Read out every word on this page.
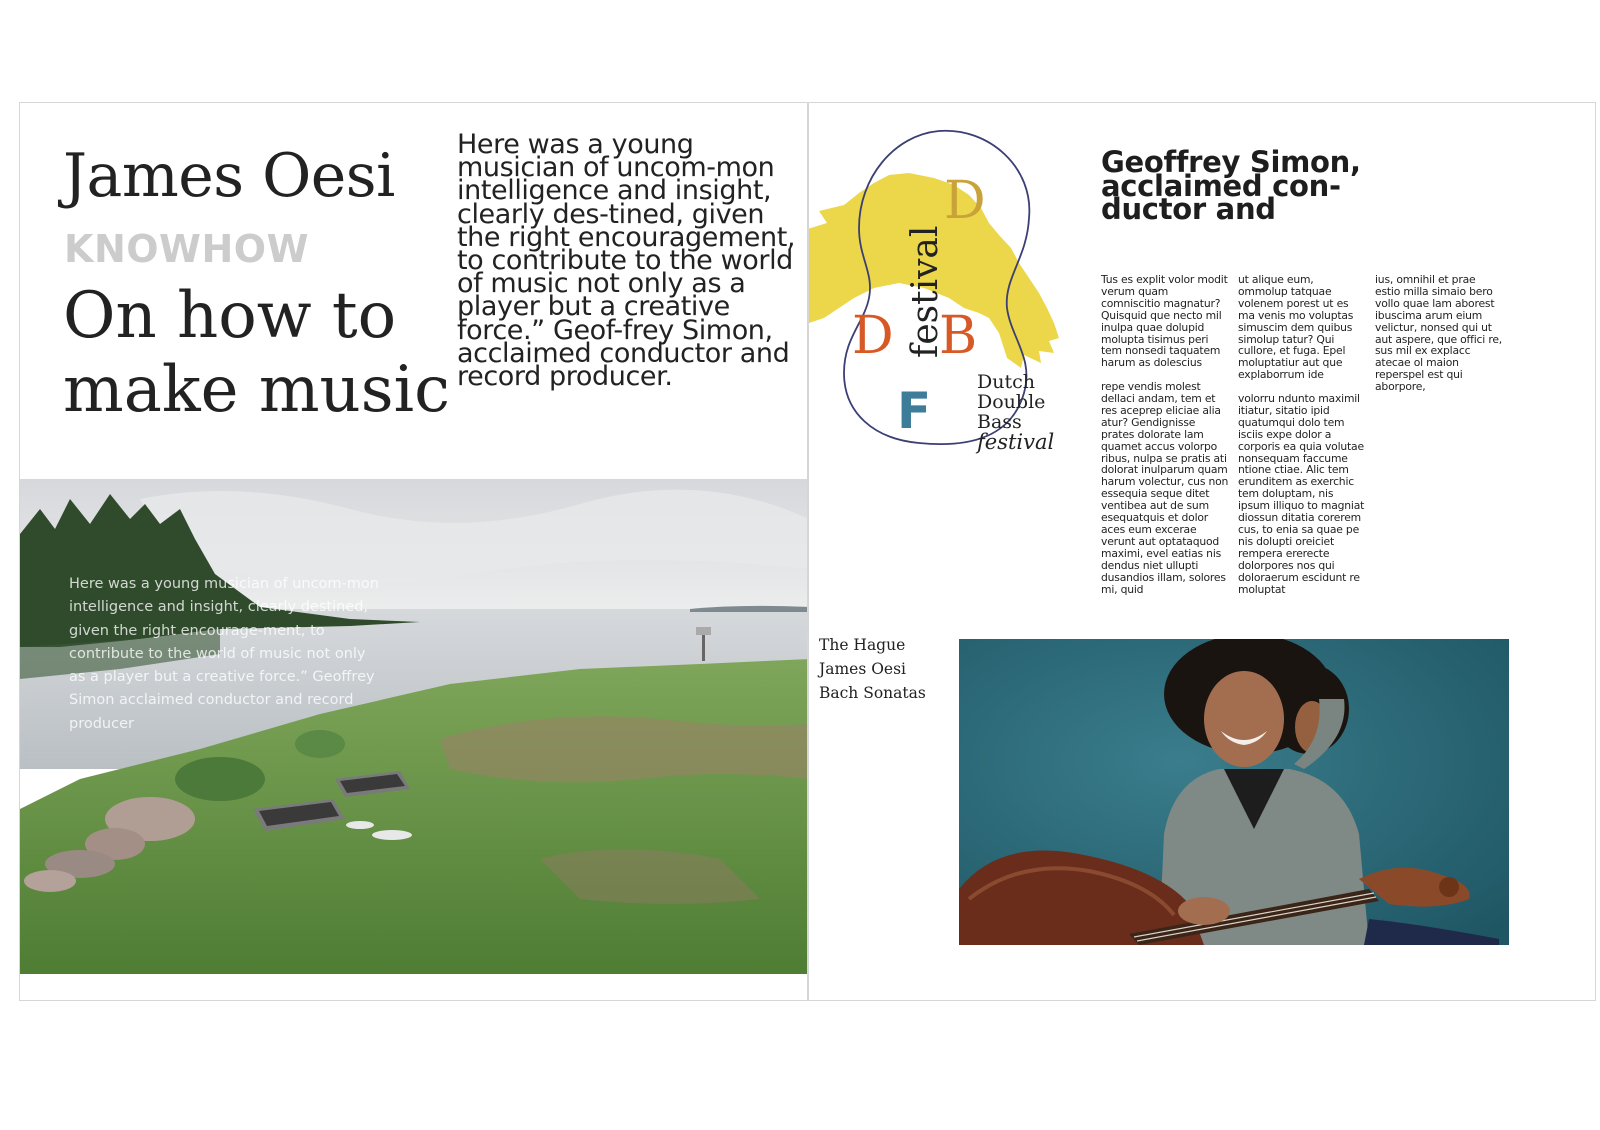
James Oesi
KNOWHOW
On how to make music

Here was a young musician of uncom-mon intelligence and insight, clearly des-tined, given the right encouragement, to contribute to the world of music not only as a player but a creative force.” Geof-frey Simon, acclaimed conductor and record producer.

Here was a young musician of uncom-mon intelligence and insight, clearly destined, given the right encourage-ment, to contribute to the world of music not only as a player but a creative force.” Geoffrey Simon acclaimed conductor and record producer

D
D B
F
festival
Dutch
Double
Bass
festival
Geoffrey Simon, acclaimed con-ductor and

Tus es explit volor modit verum quam comniscitio magnatur? Quisquid que necto mil inulpa quae dolupid molupta tisimus peri tem nonsedi taquatem harum as dolescius

repe vendis molest dellaci andam, tem et res aceprep eliciae alia atur? Gendignisse prates dolorate lam quamet accus volorpo ribus, nulpa se pratis ati dolorat inulparum quam harum volectur, cus non essequia seque ditet ventibea aut de sum esequatquis et dolor aces eum excerae verunt aut optataquod maximi, evel eatias nis dendus niet ullupti dusandios illam, solores mi, quid

ut alique eum, ommolup tatquae volenem porest ut es ma venis mo voluptas simuscim dem quibus simolup tatur? Qui cullore, et fuga. Epel moluptatiur aut que explaborrum ide

volorru ndunto maximil itiatur, sitatio ipid quatumqui dolo tem isciis expe dolor a corporis ea quia volutae nonsequam faccume ntione ctiae. Alic tem erunditem as exerchic tem doluptam, nis ipsum illiquo to magniat diossun ditatia corerem cus, to enia sa quae pe nis dolupti oreiciet rempera ererecte dolorpores nos qui doloraerum escidunt re moluptat

ius, omnihil et prae estio milla simaio bero vollo quae lam aborest ibuscima arum eium velictur, nonsed qui ut aut aspere, que offici re, sus mil ex explacc atecae ol maion reperspel est qui aborpore,

The Hague
James Oesi
Bach Sonatas
